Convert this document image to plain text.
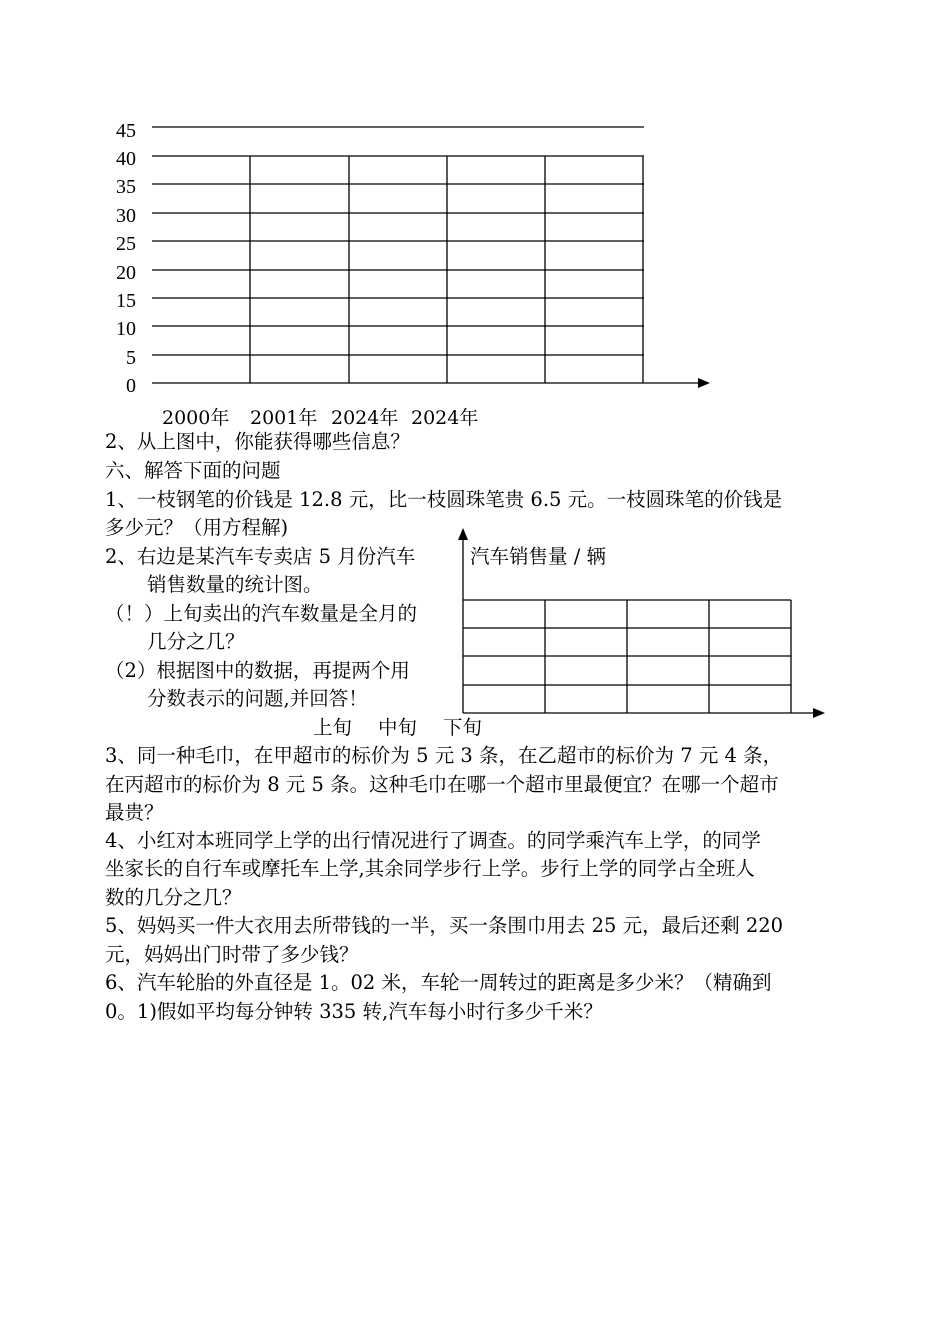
45
40
35
30
25
20
15
10
5
0
2000年 2001年 2024年 2024年
2、从上图中，你能获得哪些信息？
六、解答下面的问题
1、一枝钢笔的价钱是 12.8 元，比一枝圆珠笔贵 6.5 元。一枝圆珠笔的价钱是
多少元？（用方程解)
2、右边是某汽车专卖店 5 月份汽车
销售数量的统计图。
（！）上旬卖出的汽车数量是全月的
几分之几？
（2）根据图中的数据，再提两个用
分数表示的问题,并回答！
汽车销售量 / 辆
上旬 中旬 下旬
3、同一种毛巾，在甲超市的标价为 5 元 3 条，在乙超市的标价为 7 元 4 条，
在丙超市的标价为 8 元 5 条。这种毛巾在哪一个超市里最便宜？在哪一个超市
最贵？
4、小红对本班同学上学的出行情况进行了调查。的同学乘汽车上学，的同学
坐家长的自行车或摩托车上学,其余同学步行上学。步行上学的同学占全班人
数的几分之几？
5、妈妈买一件大衣用去所带钱的一半，买一条围巾用去 25 元，最后还剩 220
元，妈妈出门时带了多少钱？
6、汽车轮胎的外直径是 1。02 米，车轮一周转过的距离是多少米？（精确到
0。1)假如平均每分钟转 335 转,汽车每小时行多少千米？
